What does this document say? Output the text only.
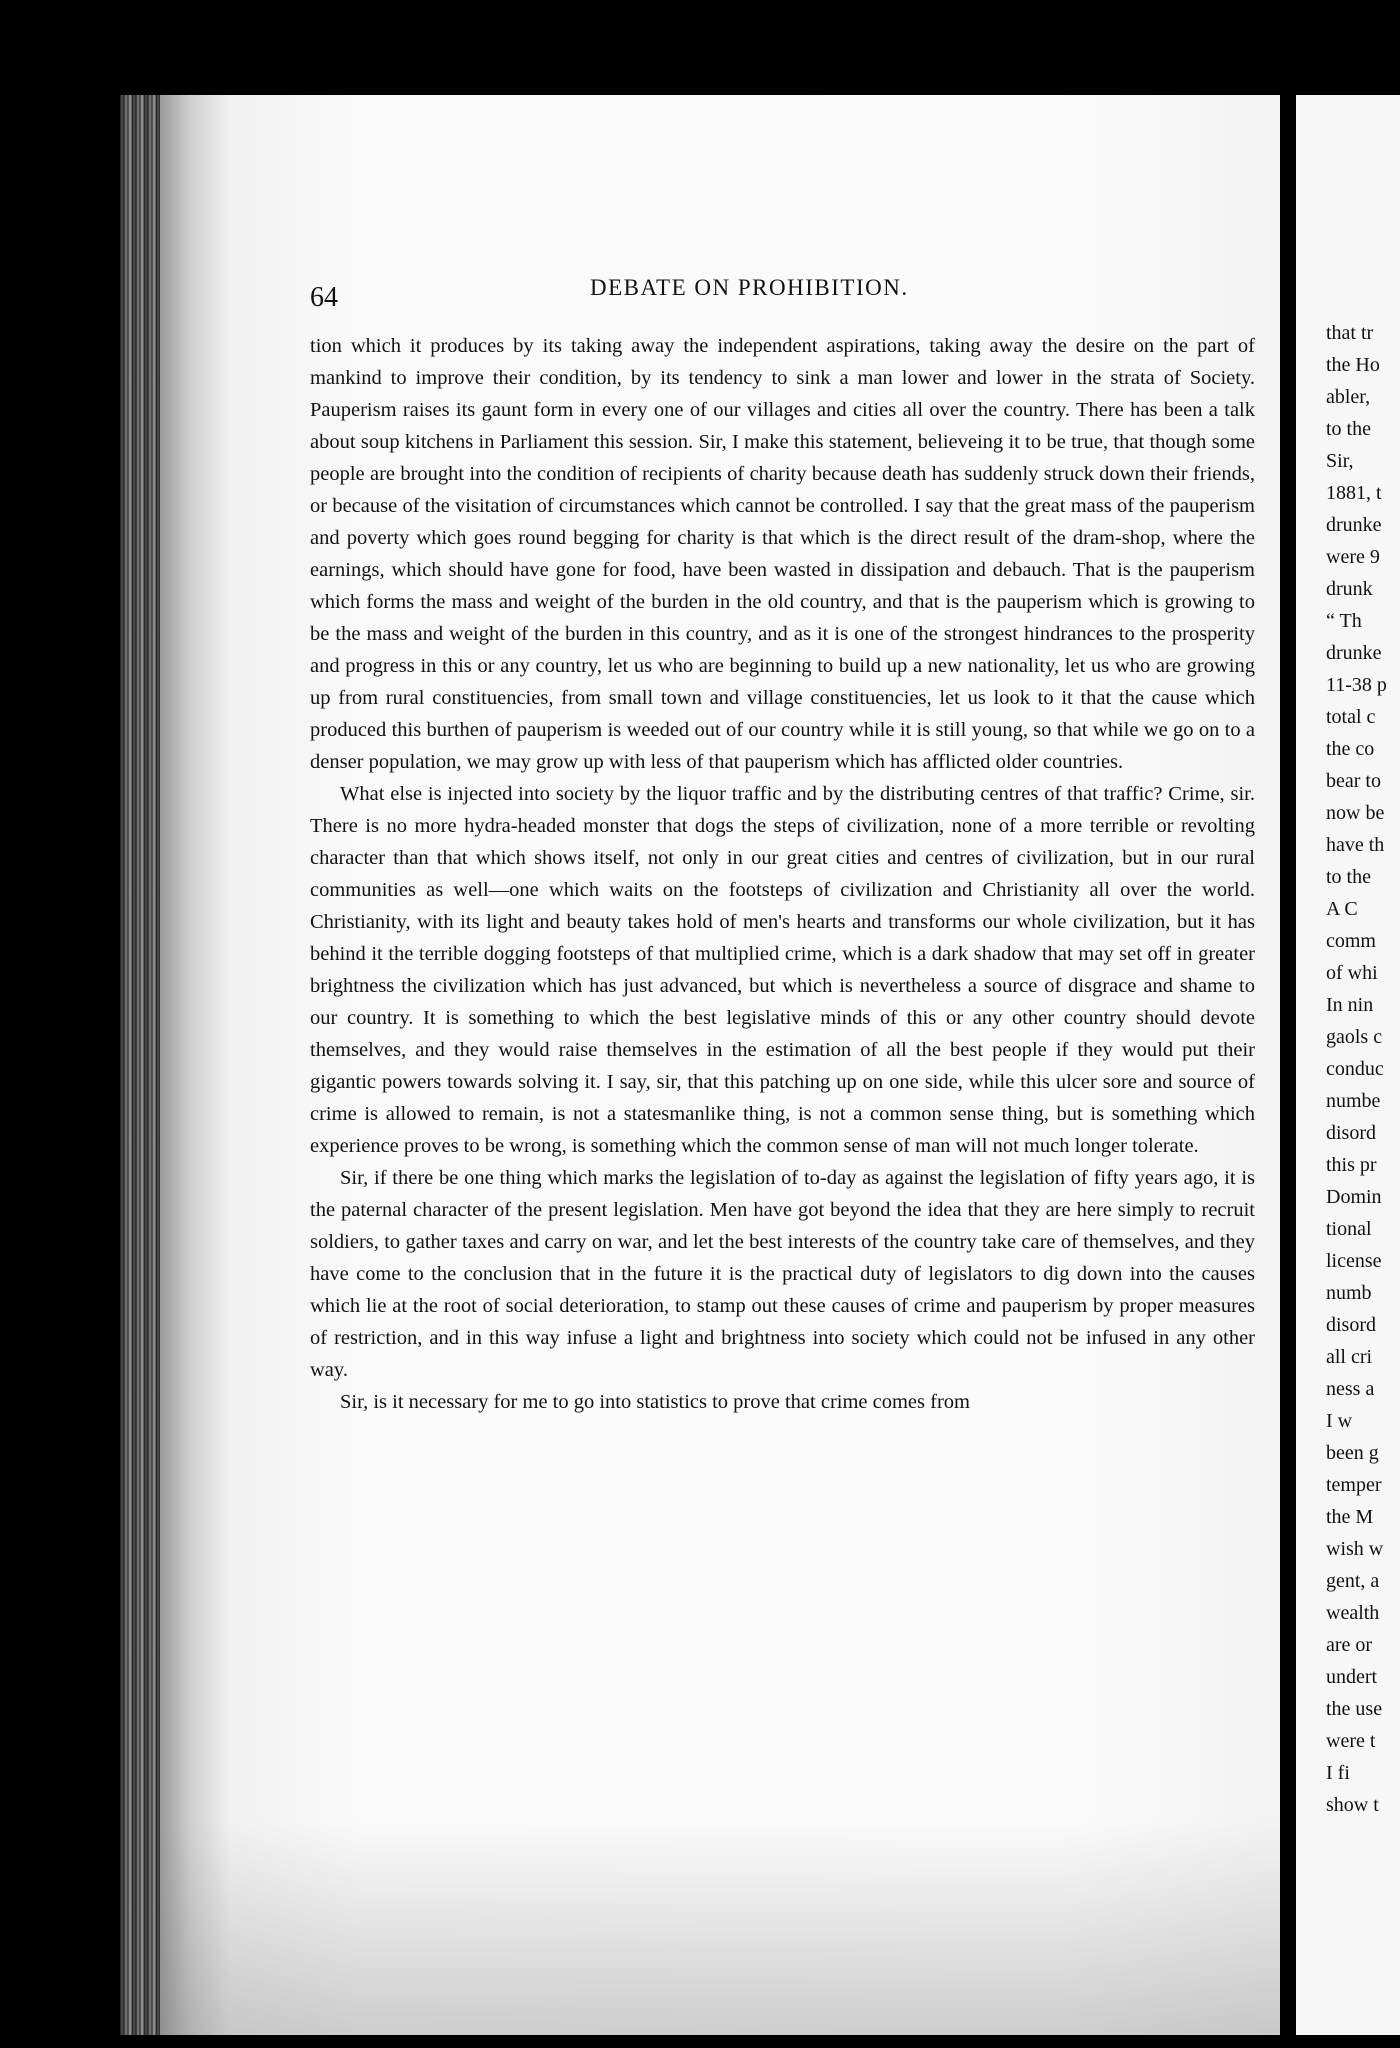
64	DEBATE ON PROHIBITION.

tion which it produces by its taking away the independent aspirations, taking away the desire on the part of mankind to improve their condition, by its tendency to sink a man lower and lower in the strata of Society. Pauperism raises its gaunt form in every one of our villages and cities all over the country. There has been a talk about soup kitchens in Parliament this session. Sir, I make this statement, believeing it to be true, that though some people are brought into the condition of recipients of charity because death has suddenly struck down their friends, or because of the visitation of circumstances which cannot be controlled. I say that the great mass of the pauperism and poverty which goes round begging for charity is that which is the direct result of the dram-shop, where the earnings, which should have gone for food, have been wasted in dissipation and debauch. That is the pauperism which forms the mass and weight of the burden in the old country, and that is the pauperism which is growing to be the mass and weight of the burden in this country, and as it is one of the strongest hindrances to the prosperity and progress in this or any country, let us who are beginning to build up a new nationality, let us who are growing up from rural constituencies, from small town and village constituencies, let us look to it that the cause which produced this burthen of pauperism is weeded out of our country while it is still young, so that while we go on to a denser population, we may grow up with less of that pauperism which has afflicted older countries.

What else is injected into society by the liquor traffic and by the distributing centres of that traffic? Crime, sir. There is no more hydra-headed monster that dogs the steps of civilization, none of a more terrible or revolting character than that which shows itself, not only in our great cities and centres of civilization, but in our rural communities as well—one which waits on the footsteps of civilization and Christianity all over the world. Christianity, with its light and beauty takes hold of men's hearts and transforms our whole civilization, but it has behind it the terrible dogging footsteps of that multiplied crime, which is a dark shadow that may set off in greater brightness the civilization which has just advanced, but which is nevertheless a source of disgrace and shame to our country. It is something to which the best legislative minds of this or any other country should devote themselves, and they would raise themselves in the estimation of all the best people if they would put their gigantic powers towards solving it. I say, sir, that this patching up on one side, while this ulcer sore and source of crime is allowed to remain, is not a statesmanlike thing, is not a common sense thing, but is something which experience proves to be wrong, is something which the common sense of man will not much longer tolerate.

Sir, if there be one thing which marks the legislation of to-day as against the legislation of fifty years ago, it is the paternal character of the present legislation. Men have got beyond the idea that they are here simply to recruit soldiers, to gather taxes and carry on war, and let the best interests of the country take care of themselves, and they have come to the conclusion that in the future it is the practical duty of legislators to dig down into the causes which lie at the root of social deterioration, to stamp out these causes of crime and pauperism by proper measures of restriction, and in this way infuse a light and brightness into society which could not be infused in any other way.

Sir, is it necessary for me to go into statistics to prove that crime comes from

that tr
the Ho
abler,
to the
Sir,
1881, t
drunke
were 9
drunk
“ Th
drunke
11-38 p
total c
the co
bear to
now be
have th
to the
A C
comm
of whi
In nin
gaols c
conduc
numbe
disord
this pr
Domin
tional
license
numb
disord
all cri
ness a
I w
been g
temper
the M
wish w
gent, a
wealth
are or
undert
the use
were t
I fi
show t
